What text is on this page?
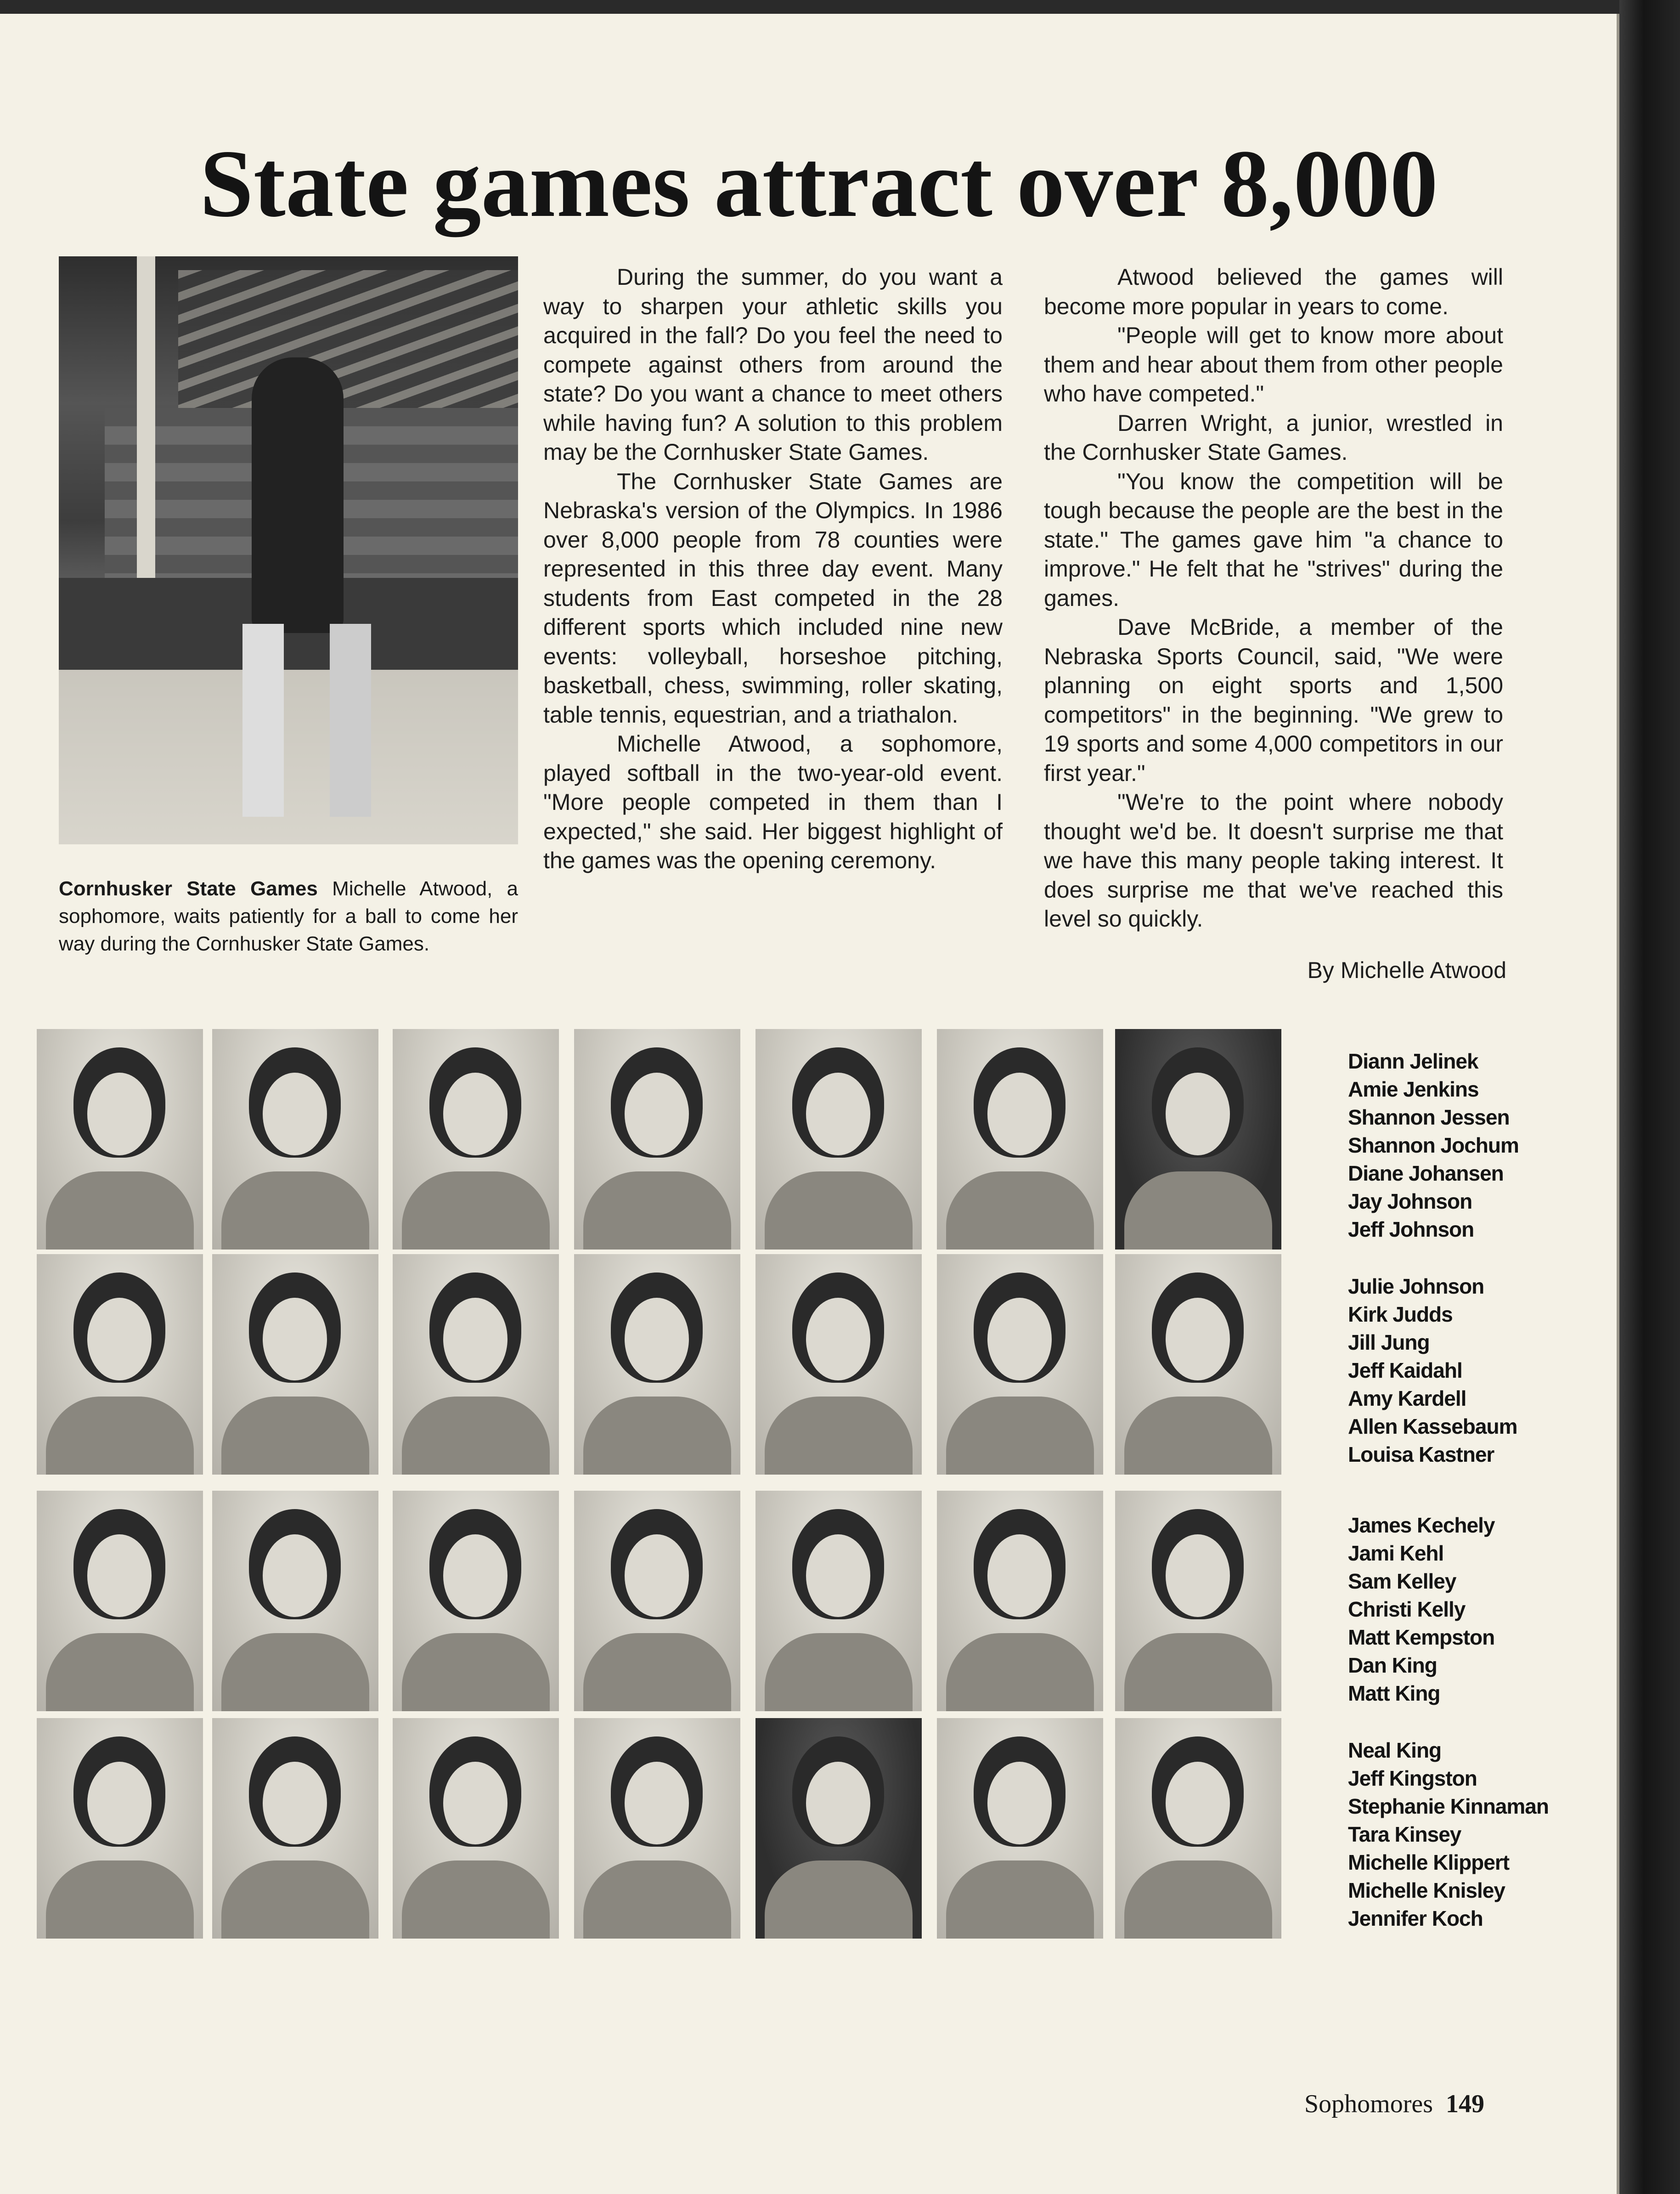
State games attract over 8,000
Cornhusker State Games Michelle Atwood, a sophomore, waits patiently for a ball to come her way during the Cornhusker State Games.

During the summer, do you want a way to sharpen your athletic skills you acquired in the fall? Do you feel the need to compete against others from around the state? Do you want a chance to meet others while having fun? A solution to this problem may be the Cornhusker State Games.

The Cornhusker State Games are Nebraska's version of the Olympics. In 1986 over 8,000 people from 78 counties were represented in this three day event. Many students from East competed in the 28 different sports which included nine new events: volleyball, horseshoe pitching, basketball, chess, swimming, roller skating, table tennis, equestrian, and a triathalon.

Michelle Atwood, a sophomore, played softball in the two-year-old event. "More people competed in them than I expected," she said. Her biggest highlight of the games was the opening ceremony.

Atwood believed the games will become more popular in years to come.

"People will get to know more about them and hear about them from other people who have competed."

Darren Wright, a junior, wrestled in the Cornhusker State Games.

"You know the competition will be tough because the people are the best in the state." The games gave him "a chance to improve." He felt that he "strives" during the games.

Dave McBride, a member of the Nebraska Sports Council, said, "We were planning on eight sports and 1,500 competitors" in the beginning. "We grew to 19 sports and some 4,000 competitors in our first year."

"We're to the point where nobody thought we'd be. It doesn't surprise me that we have this many people taking interest. It does surprise me that we've reached this level so quickly.

By Michelle Atwood
Diann Jelinek
Amie Jenkins
Shannon Jessen
Shannon Jochum
Diane Johansen
Jay Johnson
Jeff Johnson
Julie Johnson
Kirk Judds
Jill Jung
Jeff Kaidahl
Amy Kardell
Allen Kassebaum
Louisa Kastner
James Kechely
Jami Kehl
Sam Kelley
Christi Kelly
Matt Kempston
Dan King
Matt King
Neal King
Jeff Kingston
Stephanie Kinnaman
Tara Kinsey
Michelle Klippert
Michelle Knisley
Jennifer Koch
Sophomores 149
